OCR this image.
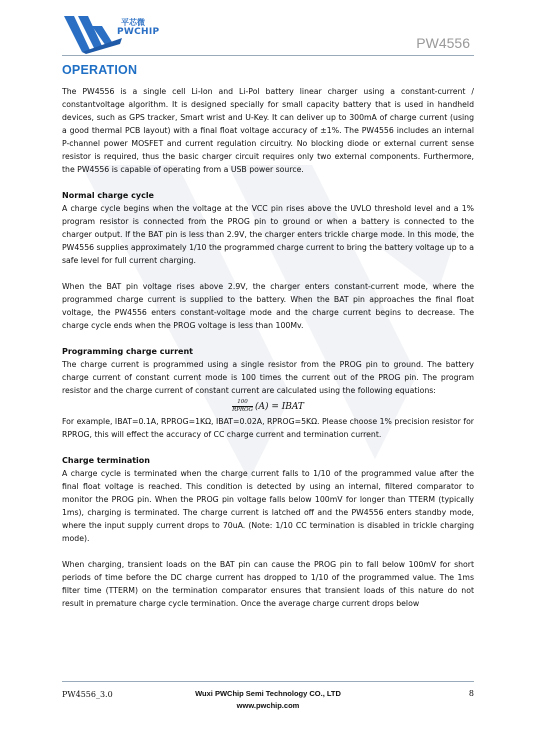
平芯微
PWCHIP
PW4556
OPERATION

The PW4556 is a single cell Li-Ion and Li-Pol battery linear charger using a constant-current / constantvoltage algorithm. It is designed specially for small capacity battery that is used in handheld devices, such as GPS tracker, Smart wrist and U-Key. It can deliver up to 300mA of charge current (using a good thermal PCB layout) with a final float voltage accuracy of ±1%. The PW4556 includes an internal P-channel power MOSFET and current regulation circuitry. No blocking diode or external current sense resistor is required, thus the basic charger circuit requires only two external components. Furthermore, the PW4556 is capable of operating from a USB power source.

Normal charge cycle

A charge cycle begins when the voltage at the VCC pin rises above the UVLO threshold level and a 1% program resistor is connected from the PROG pin to ground or when a battery is connected to the charger output. If the BAT pin is less than 2.9V, the charger enters trickle charge mode. In this mode, the PW4556 supplies approximately 1/10 the programmed charge current to bring the battery voltage up to a safe level for full current charging.

When the BAT pin voltage rises above 2.9V, the charger enters constant-current mode, where the programmed charge current is supplied to the battery. When the BAT pin approaches the final float voltage, the PW4556 enters constant-voltage mode and the charge current begins to decrease. The charge cycle ends when the PROG voltage is less than 100Mv.

Programming charge current

The charge current is programmed using a single resistor from the PROG pin to ground. The battery charge current of constant current mode is 100 times the current out of the PROG pin. The program resistor and the charge current of constant current are calculated using the following equations:

$\frac{100}{\text{RPROG}} (A)$ = IBAT

For example, IBAT=0.1A, RPROG=1KΩ, IBAT=0.02A, RPROG=5KΩ. Please choose 1% precision resistor for RPROG, this will effect the accuracy of CC charge current and termination current.

Charge termination

A charge cycle is terminated when the charge current falls to 1/10 of the programmed value after the final float voltage is reached. This condition is detected by using an internal, filtered comparator to monitor the PROG pin. When the PROG pin voltage falls below 100mV for longer than TTERM (typically 1ms), charging is terminated. The charge current is latched off and the PW4556 enters standby mode, where the input supply current drops to 70uA. (Note: 1/10 CC termination is disabled in trickle charging mode).

When charging, transient loads on the BAT pin can cause the PROG pin to fall below 100mV for short periods of time before the DC charge current has dropped to 1/10 of the programmed value. The 1ms filter time (TTERM) on the termination comparator ensures that transient loads of this nature do not result in premature charge cycle termination. Once the average charge current drops below

PW4556_3.0	Wuxi PWChip Semi Technology CO., LTD
www.pwchip.com
8
